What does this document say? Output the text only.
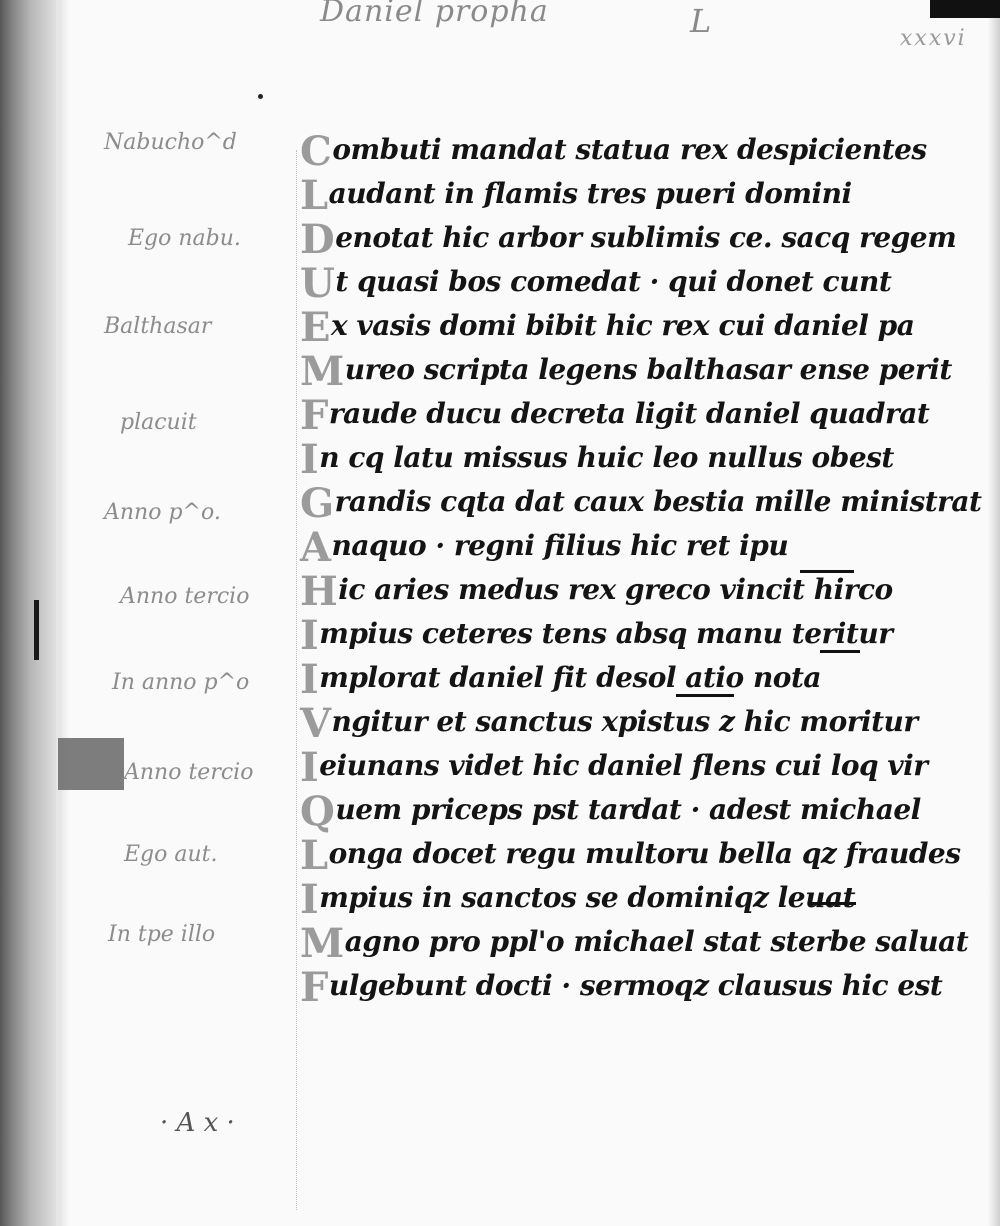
Daniel propha	L	xxxvi
Nabucho^d
Ego nabu.
Balthasar
placuit
Anno p^o.
Anno tercio
In anno p^o
Anno tercio
Ego aut.
In tpe illo
Combuti mandat statua rex despicientes
Laudant in flamis tres pueri domini
Denotat hic arbor sublimis ce. sacq regem
Ut quasi bos comedat · qui donet cunt
Ex vasis domi bibit hic rex cui daniel pa
Mureo scripta legens balthasar ense perit
Fraude ducu decreta ligit daniel quadrat
In cq latu missus huic leo nullus obest
Grandis cqta dat caux bestia mille ministrat
Anaquo · regni filius hic ret ipu
Hic aries medus rex greco vincit hirco
Impius ceteres tens absq manu teritur
Implorat daniel fit desol atio nota
Vngitur et sanctus xpistus z hic moritur
Ieiunans videt hic daniel flens cui loq vir
Quem priceps pst tardat · adest michael
Longa docet regu multoru bella qz fraudes
Impius in sanctos se dominiqz leuat
Magno pro ppl'o michael stat sterbe saluat
Fulgebunt docti · sermoqz clausus hic est
· A x ·
